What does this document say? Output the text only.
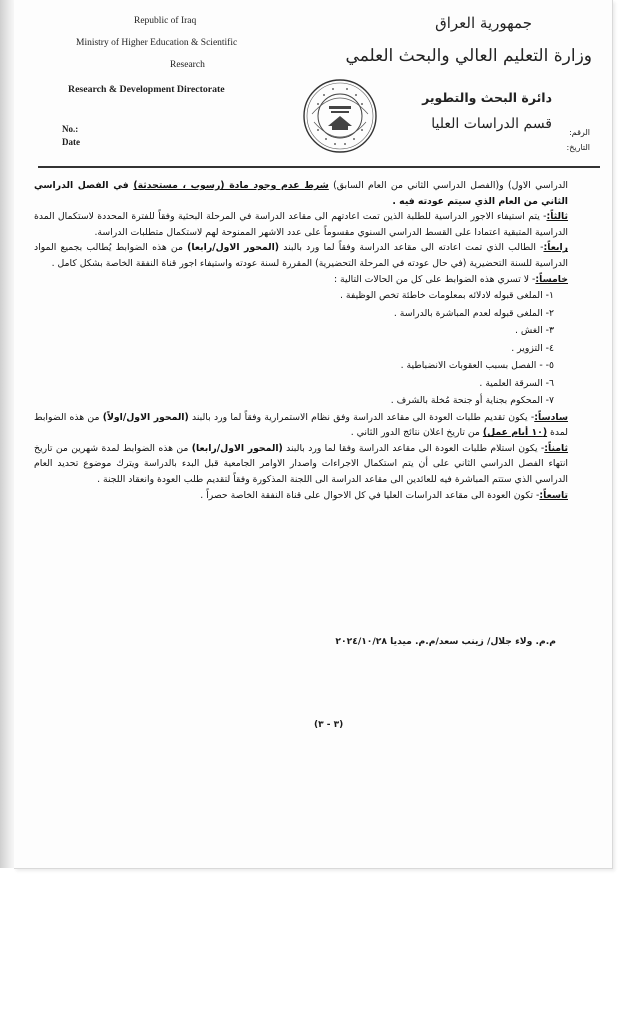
Republic of Iraq
Ministry of Higher Education & Scientific
Research
Research & Development Directorate
No.:
Date
جمهورية العراق
وزارة التعليم العالي والبحث العلمي
دائرة البحث والتطوير
قسم الدراسات العليا
الرقم:
التاريخ:

الدراسي الاول) و(الفصل الدراسي الثاني من العام السابق) شرط عدم وجود مادة (رسوب ، مستحدثة) في الفصل الدراسي الثاني من العام الذي سيتم عودته فيه .

ثالثاً:- يتم استيفاء الاجور الدراسية للطلبة الذين تمت اعادتهم الى مقاعد الدراسة في المرحلة البحثية وفقاً للفترة المحددة لاستكمال المدة الدراسية المتبقية اعتمادا على القسط الدراسي السنوي مقسوماً على عدد الاشهر الممنوحة لهم لاستكمال متطلبات الدراسة.

رابعاً:- الطالب الذي تمت اعادته الى مقاعد الدراسة وفقاً لما ورد بالبند (المحور الاول/رابعا) من هذه الضوابط يُطالب بجميع المواد الدراسية للسنة التحضيرية (في حال عودته في المرحلة التحضيرية) المقررة لسنة عودته واستيفاء اجور قناة النفقة الخاصة بشكل كامل .

خامساً:- لا تسري هذه الضوابط على كل من الحالات التالية :

١- الملغى قبوله لادلائه بمعلومات خاطئة تخص الوظيفة .
٢- الملغى قبوله لعدم المباشرة بالدراسة .
٣- الغش .
٤- التزوير .
٥- - الفصل بسبب العقوبات الانضباطية .
٦- السرقة العلمية .
٧- المحكوم بجناية أو جنحة مُخلة بالشرف .

سادساً:- يكون تقديم طلبات العودة الى مقاعد الدراسة وفق نظام الاستمرارية وفقاً لما ورد بالبند (المحور الاول/اولاً) من هذه الضوابط لمدة (١٠ أيام عمل) من تاريخ اعلان نتائج الدور الثاني .

ثامناً:- يكون استلام طلبات العودة الى مقاعد الدراسة وفقا لما ورد بالبند (المحور الاول/رابعا) من هذه الضوابط لمدة شهرين من تاريخ انتهاء الفصل الدراسي الثاني على أن يتم استكمال الاجراءات واصدار الاوامر الجامعية قبل البدء بالدراسة ويترك موضوع تحديد العام الدراسي الذي ستتم المباشرة فيه للعائدين الى مقاعد الدراسة الى اللجنة المذكورة وفقاً لتقديم طلب العودة وانعقاد اللجنة .

تاسعاً:- تكون العودة الى مقاعد الدراسات العليا في كل الاحوال على قناة النفقة الخاصة حصراً .

م.م. ولاء جلال/ زينب سعد/م.م. ميديا ٢٠٢٤/١٠/٢٨
(٣ - ٣)
